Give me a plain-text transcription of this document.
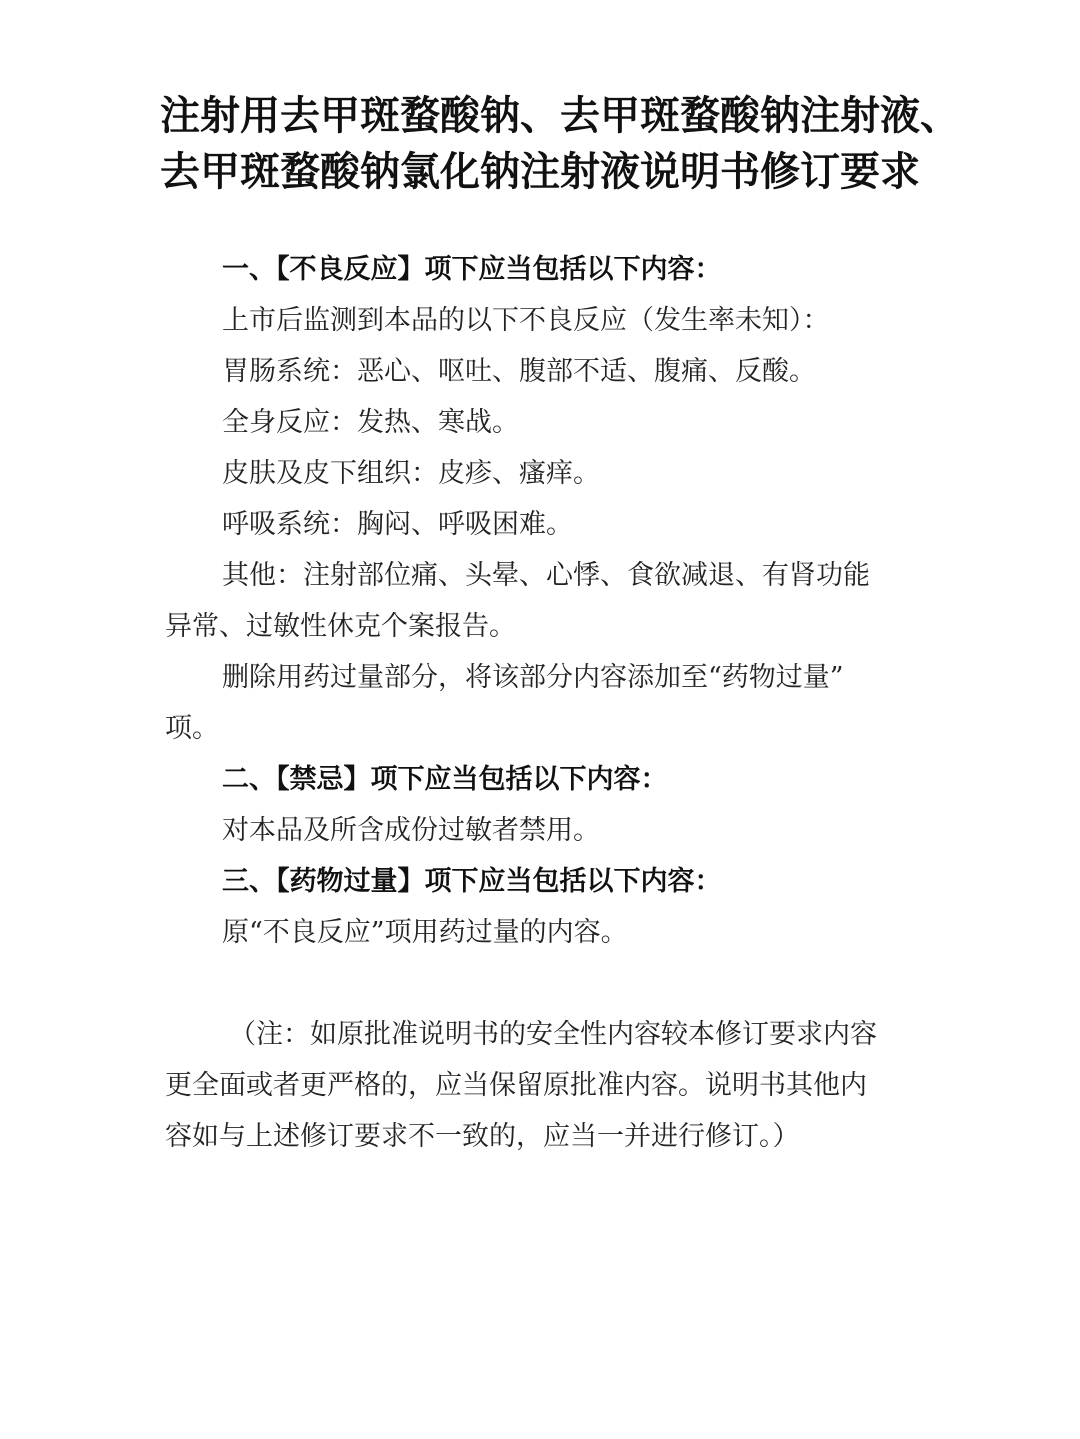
注射用去甲斑蝥酸钠、去甲斑蝥酸钠注射液、
去甲斑蝥酸钠氯化钠注射液说明书修订要求
一、【不良反应】项下应当包括以下内容：
上市后监测到本品的以下不良反应（发生率未知）：
胃肠系统：恶心、呕吐、腹部不适、腹痛、反酸。
全身反应：发热、寒战。
皮肤及皮下组织：皮疹、瘙痒。
呼吸系统：胸闷、呼吸困难。
其他：注射部位痛、头晕、心悸、食欲减退、有肾功能
异常、过敏性休克个案报告。
删除用药过量部分，将该部分内容添加至“药物过量”
项。
二、【禁忌】项下应当包括以下内容：
对本品及所含成份过敏者禁用。
三、【药物过量】项下应当包括以下内容：
原“不良反应”项用药过量的内容。
（注：如原批准说明书的安全性内容较本修订要求内容
更全面或者更严格的，应当保留原批准内容。说明书其他内
容如与上述修订要求不一致的，应当一并进行修订。）
